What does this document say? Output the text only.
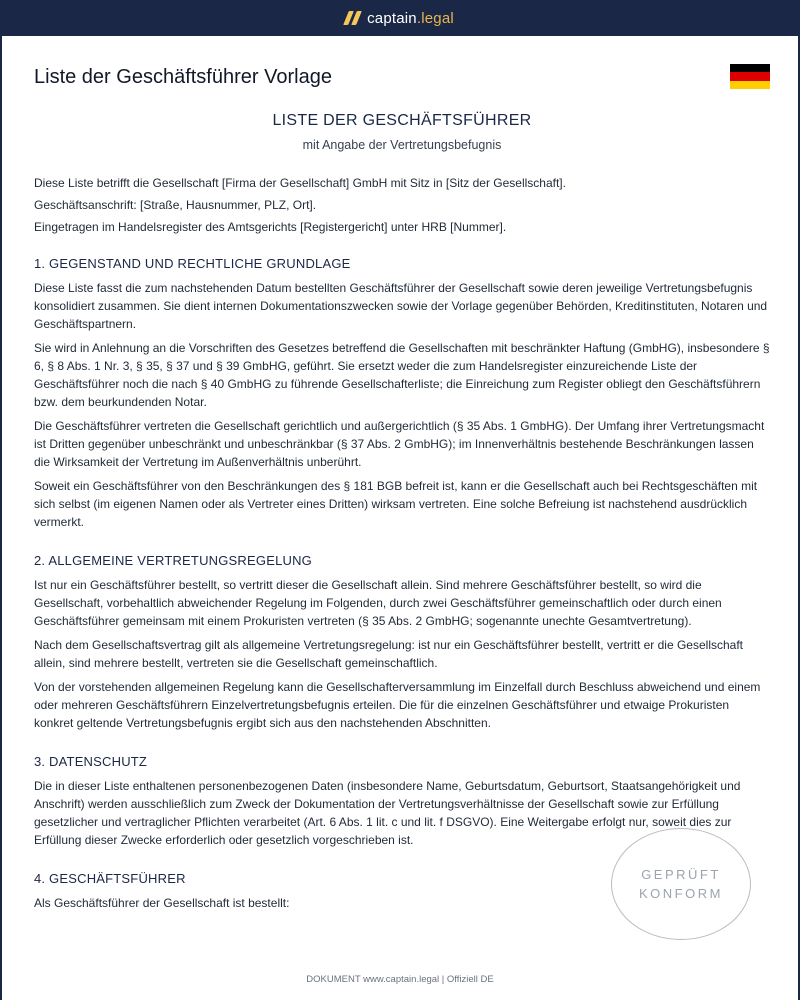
captain.legal
Liste der Geschäftsführer Vorlage
LISTE DER GESCHÄFTSFÜHRER

mit Angabe der Vertretungsbefugnis

Diese Liste betrifft die Gesellschaft [Firma der Gesellschaft] GmbH mit Sitz in [Sitz der Gesellschaft].

Geschäftsanschrift: [Straße, Hausnummer, PLZ, Ort].

Eingetragen im Handelsregister des Amtsgerichts [Registergericht] unter HRB [Nummer].

1. GEGENSTAND UND RECHTLICHE GRUNDLAGE

Diese Liste fasst die zum nachstehenden Datum bestellten Geschäftsführer der Gesellschaft sowie deren jeweilige Vertretungsbefugnis konsolidiert zusammen. Sie dient internen Dokumentationszwecken sowie der Vorlage gegenüber Behörden, Kreditinstituten, Notaren und Geschäftspartnern.

Sie wird in Anlehnung an die Vorschriften des Gesetzes betreffend die Gesellschaften mit beschränkter Haftung (GmbHG), insbesondere § 6, § 8 Abs. 1 Nr. 3, § 35, § 37 und § 39 GmbHG, geführt. Sie ersetzt weder die zum Handelsregister einzureichende Liste der Geschäftsführer noch die nach § 40 GmbHG zu führende Gesellschafterliste; die Einreichung zum Register obliegt den Geschäftsführern bzw. dem beurkundenden Notar.

Die Geschäftsführer vertreten die Gesellschaft gerichtlich und außergerichtlich (§ 35 Abs. 1 GmbHG). Der Umfang ihrer Vertretungsmacht ist Dritten gegenüber unbeschränkt und unbeschränkbar (§ 37 Abs. 2 GmbHG); im Innenverhältnis bestehende Beschränkungen lassen die Wirksamkeit der Vertretung im Außenverhältnis unberührt.

Soweit ein Geschäftsführer von den Beschränkungen des § 181 BGB befreit ist, kann er die Gesellschaft auch bei Rechtsgeschäften mit sich selbst (im eigenen Namen oder als Vertreter eines Dritten) wirksam vertreten. Eine solche Befreiung ist nachstehend ausdrücklich vermerkt.

2. ALLGEMEINE VERTRETUNGSREGELUNG

Ist nur ein Geschäftsführer bestellt, so vertritt dieser die Gesellschaft allein. Sind mehrere Geschäftsführer bestellt, so wird die Gesellschaft, vorbehaltlich abweichender Regelung im Folgenden, durch zwei Geschäftsführer gemeinschaftlich oder durch einen Geschäftsführer gemeinsam mit einem Prokuristen vertreten (§ 35 Abs. 2 GmbHG; sogenannte unechte Gesamtvertretung).

Nach dem Gesellschaftsvertrag gilt als allgemeine Vertretungsregelung: ist nur ein Geschäftsführer bestellt, vertritt er die Gesellschaft allein, sind mehrere bestellt, vertreten sie die Gesellschaft gemeinschaftlich.

Von der vorstehenden allgemeinen Regelung kann die Gesellschafterversammlung im Einzelfall durch Beschluss abweichend und einem oder mehreren Geschäftsführern Einzelvertretungsbefugnis erteilen. Die für die einzelnen Geschäftsführer und etwaige Prokuristen konkret geltende Vertretungsbefugnis ergibt sich aus den nachstehenden Abschnitten.

3. DATENSCHUTZ

Die in dieser Liste enthaltenen personenbezogenen Daten (insbesondere Name, Geburtsdatum, Geburtsort, Staatsangehörigkeit und Anschrift) werden ausschließlich zum Zweck der Dokumentation der Vertretungsverhältnisse der Gesellschaft sowie zur Erfüllung gesetzlicher und vertraglicher Pflichten verarbeitet (Art. 6 Abs. 1 lit. c und lit. f DSGVO). Eine Weitergabe erfolgt nur, soweit dies zur Erfüllung dieser Zwecke erforderlich oder gesetzlich vorgeschrieben ist.

4. GESCHÄFTSFÜHRER

Als Geschäftsführer der Gesellschaft ist bestellt:

GEPRÜFT
KONFORM
DOKUMENT www.captain.legal | Offiziell DE
